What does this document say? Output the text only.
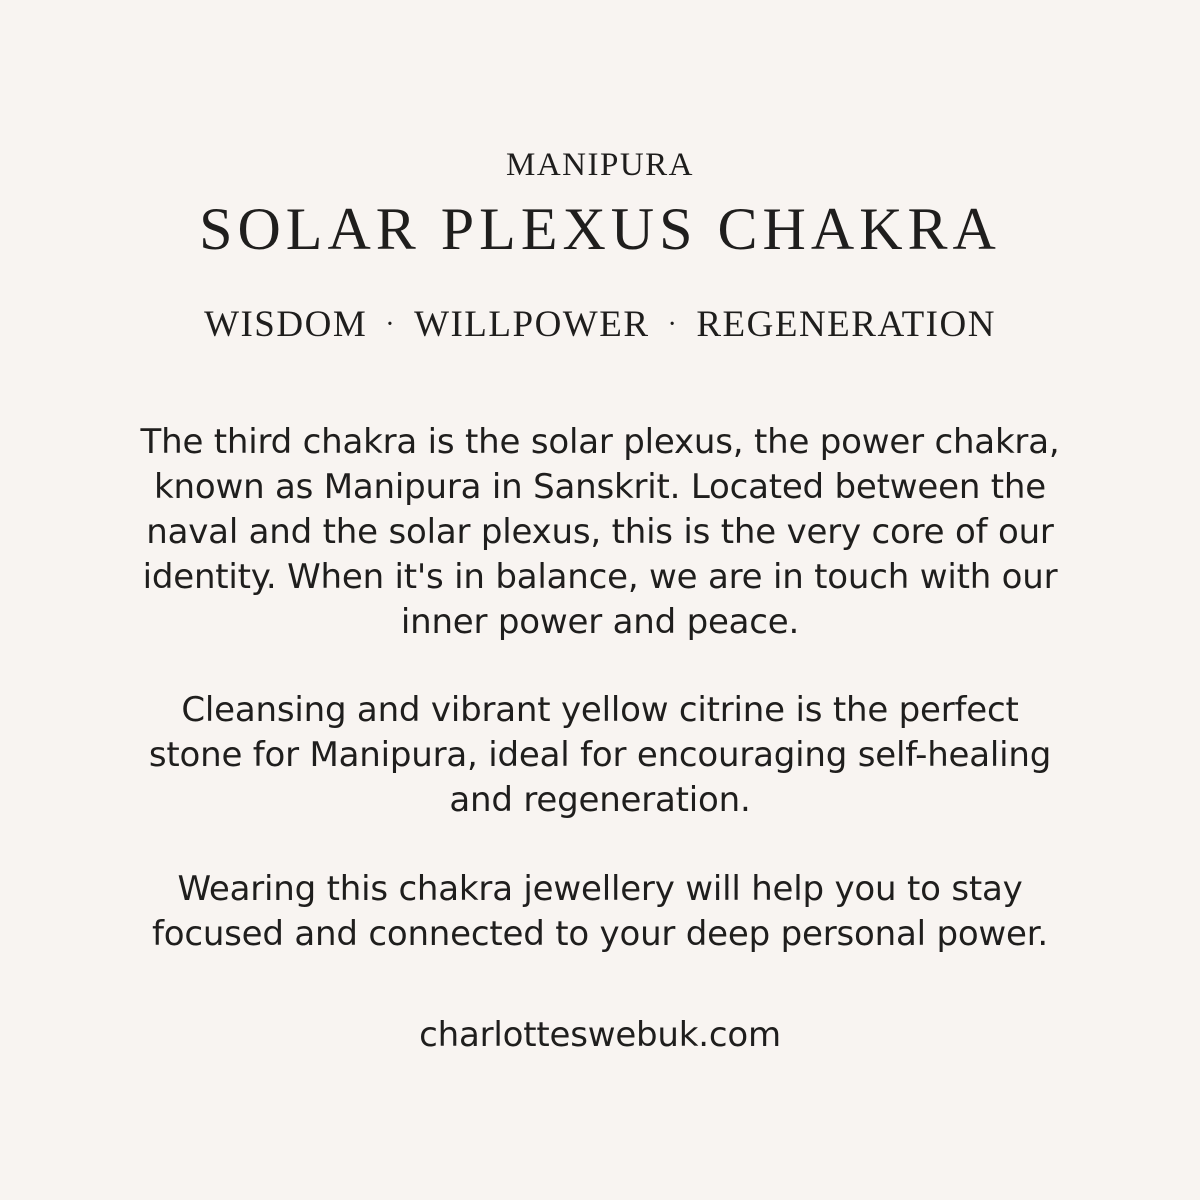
MANIPURA
SOLAR PLEXUS CHAKRA
WISDOM · WILLPOWER · REGENERATION
The third chakra is the solar plexus, the power chakra,
known as Manipura in Sanskrit. Located between the
naval and the solar plexus, this is the very core of our
identity. When it's in balance, we are in touch with our
inner power and peace.
Cleansing and vibrant yellow citrine is the perfect
stone for Manipura, ideal for encouraging self-healing
and regeneration.
Wearing this chakra jewellery will help you to stay
focused and connected to your deep personal power.
charlotteswebuk.com
